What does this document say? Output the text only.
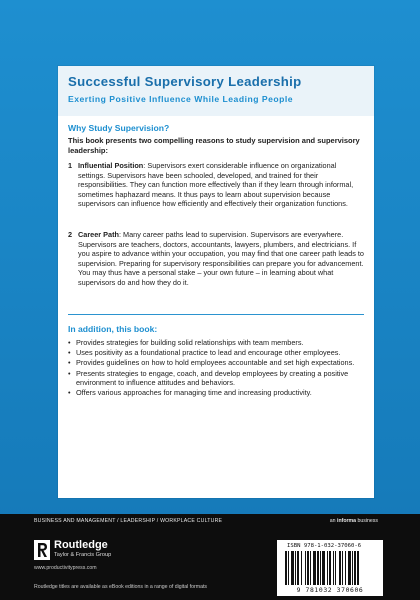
Successful Supervisory Leadership
Exerting Positive Influence While Leading People
Why Study Supervision?
This book presents two compelling reasons to study supervision and supervisory leadership:
1 Influential Position: Supervisors exert considerable influence on organizational settings. Supervisors have been schooled, developed, and trained for their responsibilities. They can function more effectively than if they learn through informal, sometimes haphazard means. It thus pays to learn about supervision because supervisors can influence how efficiently and effectively their organization functions.
2 Career Path: Many career paths lead to supervision. Supervisors are everywhere. Supervisors are teachers, doctors, accountants, lawyers, plumbers, and electricians. If you aspire to advance within your occupation, you may find that one career path leads to supervision. Preparing for supervisory responsibilities can prepare you for advancement. You may thus have a personal stake – your own future – in learning about what supervisors do and how they do it.
In addition, this book:
• Provides strategies for building solid relationships with team members.
• Uses positivity as a foundational practice to lead and encourage other employees.
• Provides guidelines on how to hold employees accountable and set high expectations.
• Presents strategies to engage, coach, and develop employees by creating a positive environment to influence attitudes and behaviors.
• Offers various approaches for managing time and increasing productivity.
BUSINESS AND MANAGEMENT / LEADERSHIP / WORKPLACE CULTURE	an informa business
Routledge
Taylor & Francis Group
www.productivitypress.com
Routledge titles are available as eBook editions in a range of digital formats
ISBN 978-1-032-37060-6
9 781032 370606
